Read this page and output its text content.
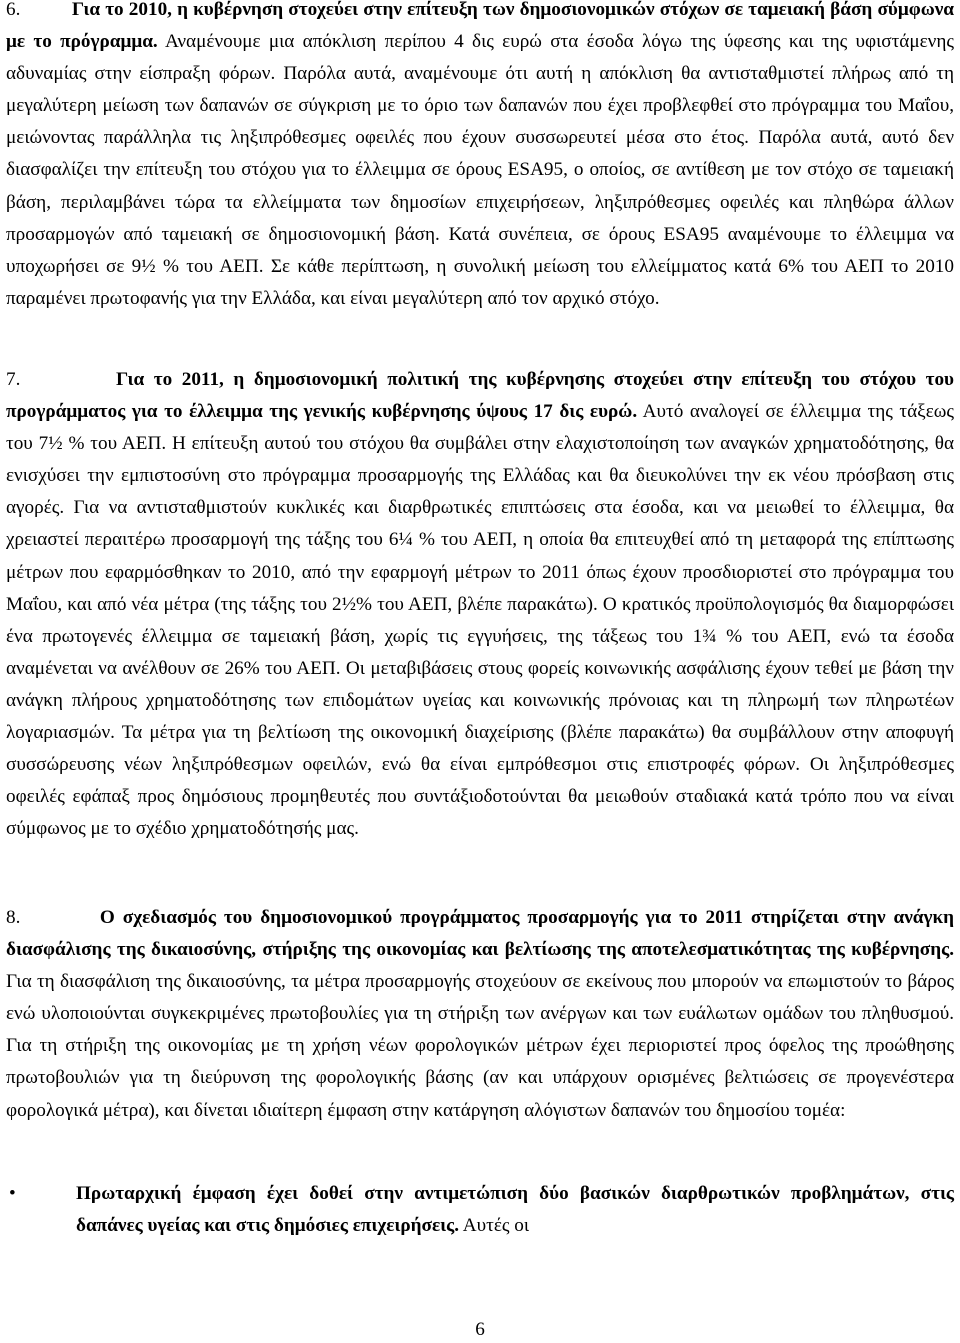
6.	Για το 2010, η κυβέρνηση στοχεύει στην επίτευξη των δημοσιονομικών στόχων σε ταμειακή βάση σύμφωνα με το πρόγραμμα. Αναμένουμε μια απόκλιση περίπου 4 δις ευρώ στα έσοδα λόγω της ύφεσης και της υφιστάμενης αδυναμίας στην είσπραξη φόρων. Παρόλα αυτά, αναμένουμε ότι αυτή η απόκλιση θα αντισταθμιστεί πλήρως από τη μεγαλύτερη μείωση των δαπανών σε σύγκριση με το όριο των δαπανών που έχει προβλεφθεί στο πρόγραμμα του Μαΐου, μειώνοντας παράλληλα τις ληξιπρόθεσμες οφειλές που έχουν συσσωρευτεί μέσα στο έτος. Παρόλα αυτά, αυτό δεν διασφαλίζει την επίτευξη του στόχου για το έλλειμμα σε όρους ESA95, ο οποίος, σε αντίθεση με τον στόχο σε ταμειακή βάση, περιλαμβάνει τώρα τα ελλείμματα των δημοσίων επιχειρήσεων, ληξιπρόθεσμες οφειλές και πληθώρα άλλων προσαρμογών από ταμειακή σε δημοσιονομική βάση. Κατά συνέπεια, σε όρους ESA95 αναμένουμε το έλλειμμα να υποχωρήσει σε 9½ % του ΑΕΠ. Σε κάθε περίπτωση, η συνολική μείωση του ελλείμματος κατά 6% του ΑΕΠ το 2010 παραμένει πρωτοφανής για την Ελλάδα, και είναι μεγαλύτερη από τον αρχικό στόχο.

7.	Για το 2011, η δημοσιονομική πολιτική της κυβέρνησης στοχεύει στην επίτευξη του στόχου του προγράμματος για το έλλειμμα της γενικής κυβέρνησης ύψους 17 δις ευρώ. Αυτό αναλογεί σε έλλειμμα της τάξεως του 7½ % του ΑΕΠ. Η επίτευξη αυτού του στόχου θα συμβάλει στην ελαχιστοποίηση των αναγκών χρηματοδότησης, θα ενισχύσει την εμπιστοσύνη στο πρόγραμμα προσαρμογής της Ελλάδας και θα διευκολύνει την εκ νέου πρόσβαση στις αγορές. Για να αντισταθμιστούν κυκλικές και διαρθρωτικές επιπτώσεις στα έσοδα, και να μειωθεί το έλλειμμα, θα χρειαστεί περαιτέρω προσαρμογή της τάξης του 6¼ % του ΑΕΠ, η οποία θα επιτευχθεί από τη μεταφορά της επίπτωσης μέτρων που εφαρμόσθηκαν το 2010, από την εφαρμογή μέτρων το 2011 όπως έχουν προσδιοριστεί στο πρόγραμμα του Μαΐου, και από νέα μέτρα (της τάξης του 2½% του ΑΕΠ, βλέπε παρακάτω). Ο κρατικός προϋπολογισμός θα διαμορφώσει ένα πρωτογενές έλλειμμα σε ταμειακή βάση, χωρίς τις εγγυήσεις, της τάξεως του 1¾ % του ΑΕΠ, ενώ τα έσοδα αναμένεται να ανέλθουν σε 26% του ΑΕΠ. Οι μεταβιβάσεις στους φορείς κοινωνικής ασφάλισης έχουν τεθεί με βάση την ανάγκη πλήρους χρηματοδότησης των επιδομάτων υγείας και κοινωνικής πρόνοιας και τη πληρωμή των πληρωτέων λογαριασμών. Τα μέτρα για τη βελτίωση της οικονομική διαχείρισης (βλέπε παρακάτω) θα συμβάλλουν στην αποφυγή συσσώρευσης νέων ληξιπρόθεσμων οφειλών, ενώ θα είναι εμπρόθεσμοι στις επιστροφές φόρων. Οι ληξιπρόθεσμες οφειλές εφάπαξ προς δημόσιους προμηθευτές που συντάξιοδοτούνται θα μειωθούν σταδιακά κατά τρόπο που να είναι σύμφωνος με το σχέδιο χρηματοδότησής μας.

8.	Ο σχεδιασμός του δημοσιονομικού προγράμματος προσαρμογής για το 2011 στηρίζεται στην ανάγκη διασφάλισης της δικαιοσύνης, στήριξης της οικονομίας και βελτίωσης της αποτελεσματικότητας της κυβέρνησης. Για τη διασφάλιση της δικαιοσύνης, τα μέτρα προσαρμογής στοχεύουν σε εκείνους που μπορούν να επωμιστούν το βάρος ενώ υλοποιούνται συγκεκριμένες πρωτοβουλίες για τη στήριξη των ανέργων και των ευάλωτων ομάδων του πληθυσμού. Για τη στήριξη της οικονομίας με τη χρήση νέων φορολογικών μέτρων έχει περιοριστεί προς όφελος της προώθησης πρωτοβουλιών για τη διεύρυνση της φορολογικής βάσης (αν και υπάρχουν ορισμένες βελτιώσεις σε προγενέστερα φορολογικά μέτρα), και δίνεται ιδιαίτερη έμφαση στην κατάργηση αλόγιστων δαπανών του δημοσίου τομέα:

•	Πρωταρχική έμφαση έχει δοθεί στην αντιμετώπιση δύο βασικών διαρθρωτικών προβλημάτων, στις δαπάνες υγείας και στις δημόσιες επιχειρήσεις. Αυτές οι

6
